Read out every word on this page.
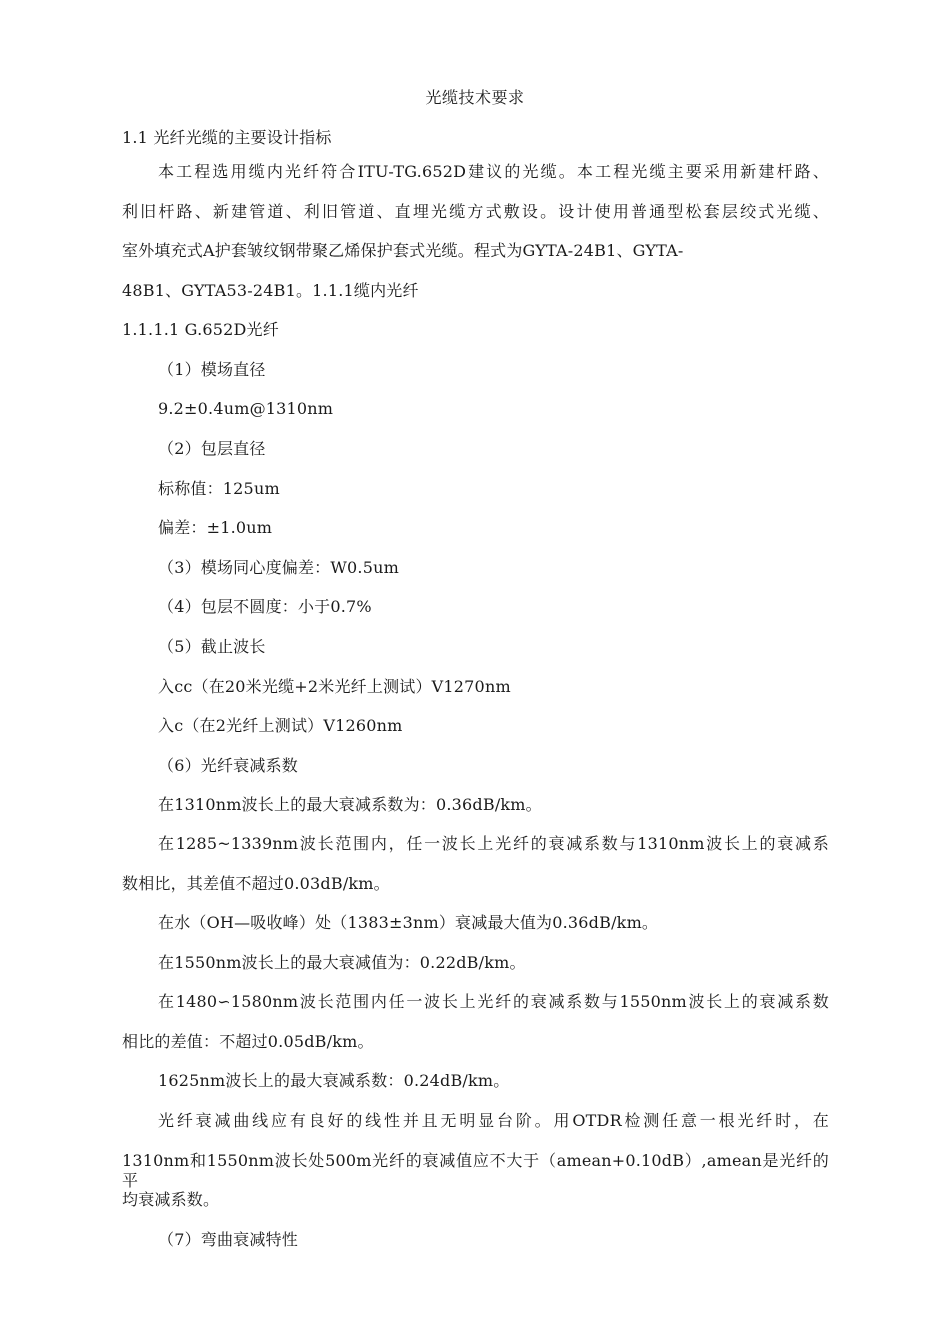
光缆技术要求
1.1 光纤光缆的主要设计指标
本工程选用缆内光纤符合ITU-TG.652D建议的光缆。本工程光缆主要采用新建杆路、
利旧杆路、新建管道、利旧管道、直埋光缆方式敷设。设计使用普通型松套层绞式光缆、
室外填充式A护套皱纹钢带聚乙烯保护套式光缆。程式为GYTA-24B1、GYTA-
48B1、GYTA53-24B1。1.1.1缆内光纤
1.1.1.1 G.652D光纤
（1）模场直径
9.2±0.4um@1310nm
（2）包层直径
标称值：125um
偏差：±1.0um
（3）模场同心度偏差：W0.5um
（4）包层不圆度：小于0.7%
（5）截止波长
入cc（在20米光缆+2米光纤上测试）V1270nm
入c（在2光纤上测试）V1260nm
（6）光纤衰减系数
在1310nm波长上的最大衰减系数为：0.36dB/km。
在1285~1339nm波长范围内，任一波长上光纤的衰减系数与1310nm波长上的衰减系
数相比，其差值不超过0.03dB/km。
在水（OH—吸收峰）处（1383±3nm）衰减最大值为0.36dB/km。
在1550nm波长上的最大衰减值为：0.22dB/km。
在1480∽1580nm波长范围内任一波长上光纤的衰减系数与1550nm波长上的衰减系数
相比的差值：不超过0.05dB/km。
1625nm波长上的最大衰减系数：0.24dB/km。
光纤衰减曲线应有良好的线性并且无明显台阶。用OTDR检测任意一根光纤时，在
1310nm和1550nm波长处500m光纤的衰减值应不大于（amean+0.10dB）,amean是光纤的平
均衰减系数。
（7）弯曲衰减特性
